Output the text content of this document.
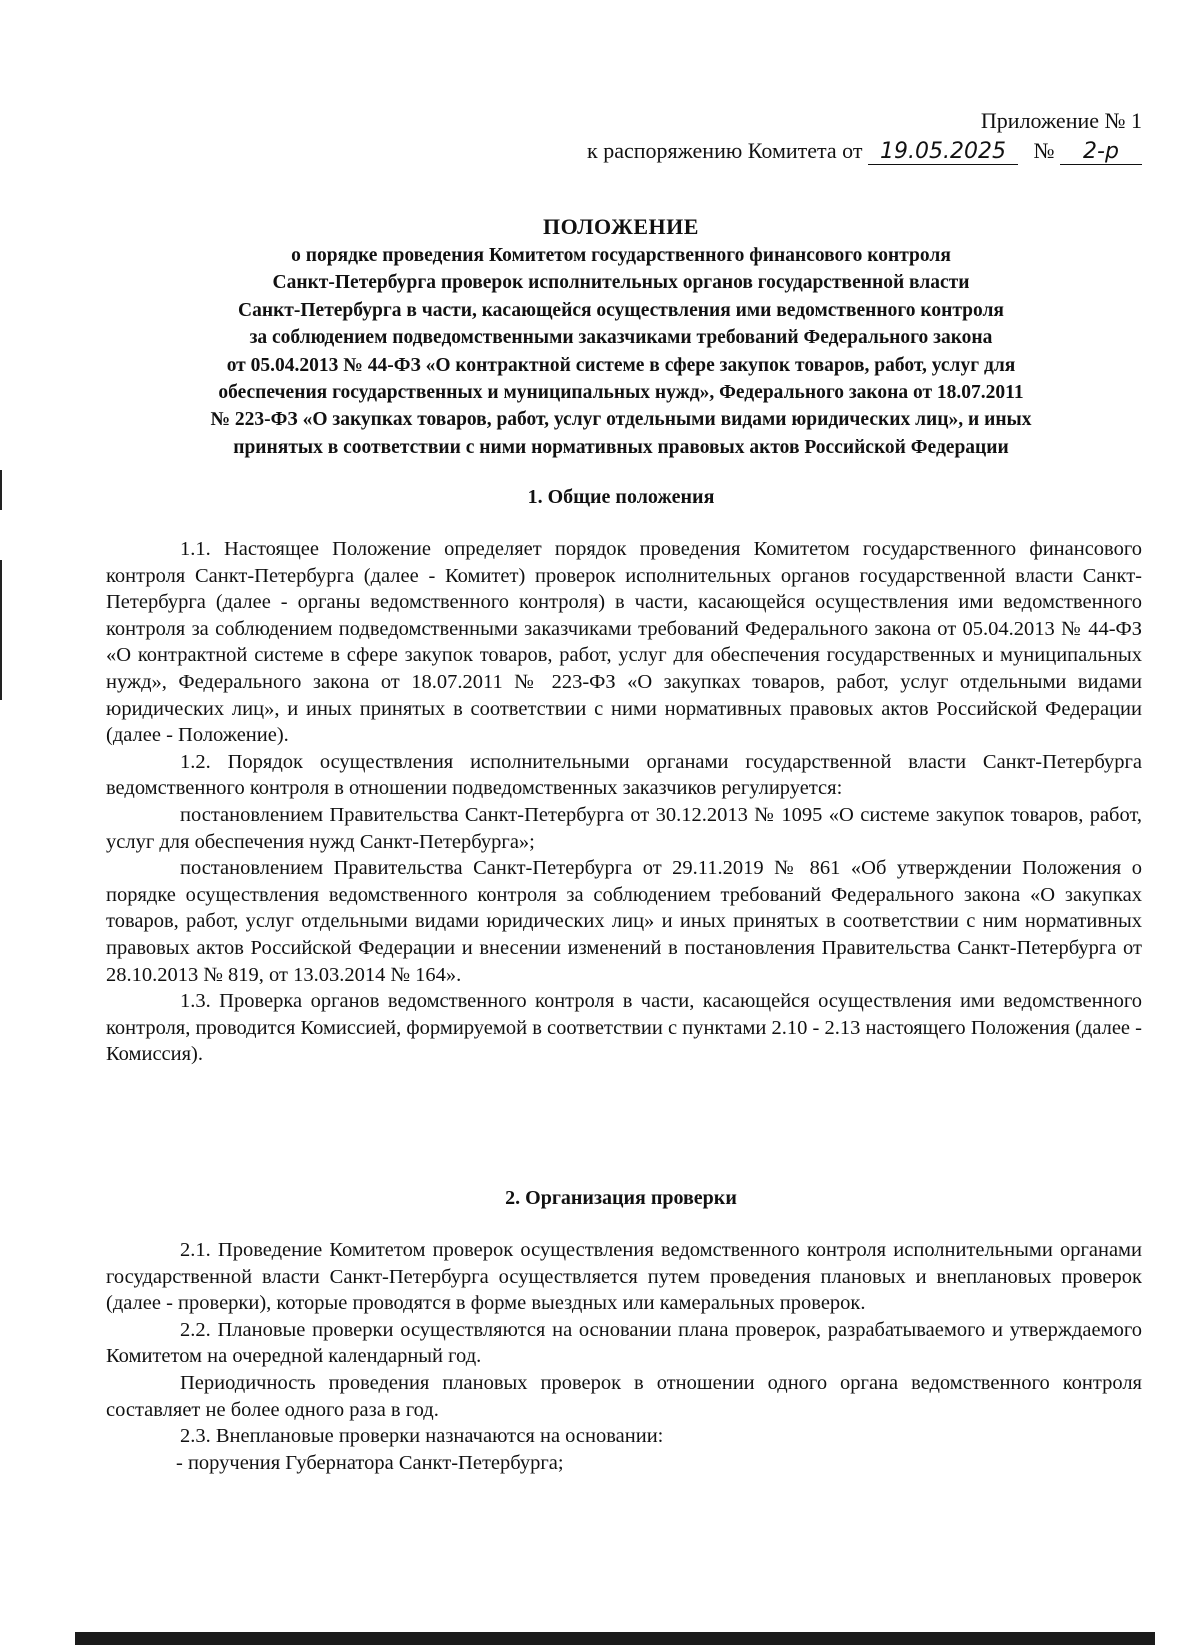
Приложение № 1
к распоряжению Комитета от 19.05.2025 № 2-р
ПОЛОЖЕНИЕ
о порядке проведения Комитетом государственного финансового контроля
Санкт-Петербурга проверок исполнительных органов государственной власти
Санкт-Петербурга в части, касающейся осуществления ими ведомственного контроля
за соблюдением подведомственными заказчиками требований Федерального закона
от 05.04.2013 № 44-ФЗ «О контрактной системе в сфере закупок товаров, работ, услуг для
обеспечения государственных и муниципальных нужд», Федерального закона от 18.07.2011
№ 223-ФЗ «О закупках товаров, работ, услуг отдельными видами юридических лиц», и иных
принятых в соответствии с ними нормативных правовых актов Российской Федерации
1. Общие положения

1.1. Настоящее Положение определяет порядок проведения Комитетом государственного финансового контроля Санкт-Петербурга (далее - Комитет) проверок исполнительных органов государственной власти Санкт-Петербурга (далее - органы ведомственного контроля) в части, касающейся осуществления ими ведомственного контроля за соблюдением подведомственными заказчиками требований Федерального закона от 05.04.2013 № 44-ФЗ «О контрактной системе в сфере закупок товаров, работ, услуг для обеспечения государственных и муниципальных нужд», Федерального закона от 18.07.2011 № 223-ФЗ «О закупках товаров, работ, услуг отдельными видами юридических лиц», и иных принятых в соответствии с ними нормативных правовых актов Российской Федерации (далее - Положение).

1.2. Порядок осуществления исполнительными органами государственной власти Санкт-Петербурга ведомственного контроля в отношении подведомственных заказчиков регулируется:

постановлением Правительства Санкт-Петербурга от 30.12.2013 № 1095 «О системе закупок товаров, работ, услуг для обеспечения нужд Санкт-Петербурга»;

постановлением Правительства Санкт-Петербурга от 29.11.2019 № 861 «Об утверждении Положения о порядке осуществления ведомственного контроля за соблюдением требований Федерального закона «О закупках товаров, работ, услуг отдельными видами юридических лиц» и иных принятых в соответствии с ним нормативных правовых актов Российской Федерации и внесении изменений в постановления Правительства Санкт-Петербурга от 28.10.2013 № 819, от 13.03.2014 № 164».

1.3. Проверка органов ведомственного контроля в части, касающейся осуществления ими ведомственного контроля, проводится Комиссией, формируемой в соответствии с пунктами 2.10 - 2.13 настоящего Положения (далее - Комиссия).

2. Организация проверки

2.1. Проведение Комитетом проверок осуществления ведомственного контроля исполнительными органами государственной власти Санкт-Петербурга осуществляется путем проведения плановых и внеплановых проверок (далее - проверки), которые проводятся в форме выездных или камеральных проверок.

2.2. Плановые проверки осуществляются на основании плана проверок, разрабатываемого и утверждаемого Комитетом на очередной календарный год.

Периодичность проведения плановых проверок в отношении одного органа ведомственного контроля составляет не более одного раза в год.

2.3. Внеплановые проверки назначаются на основании:

- поручения Губернатора Санкт-Петербурга;
